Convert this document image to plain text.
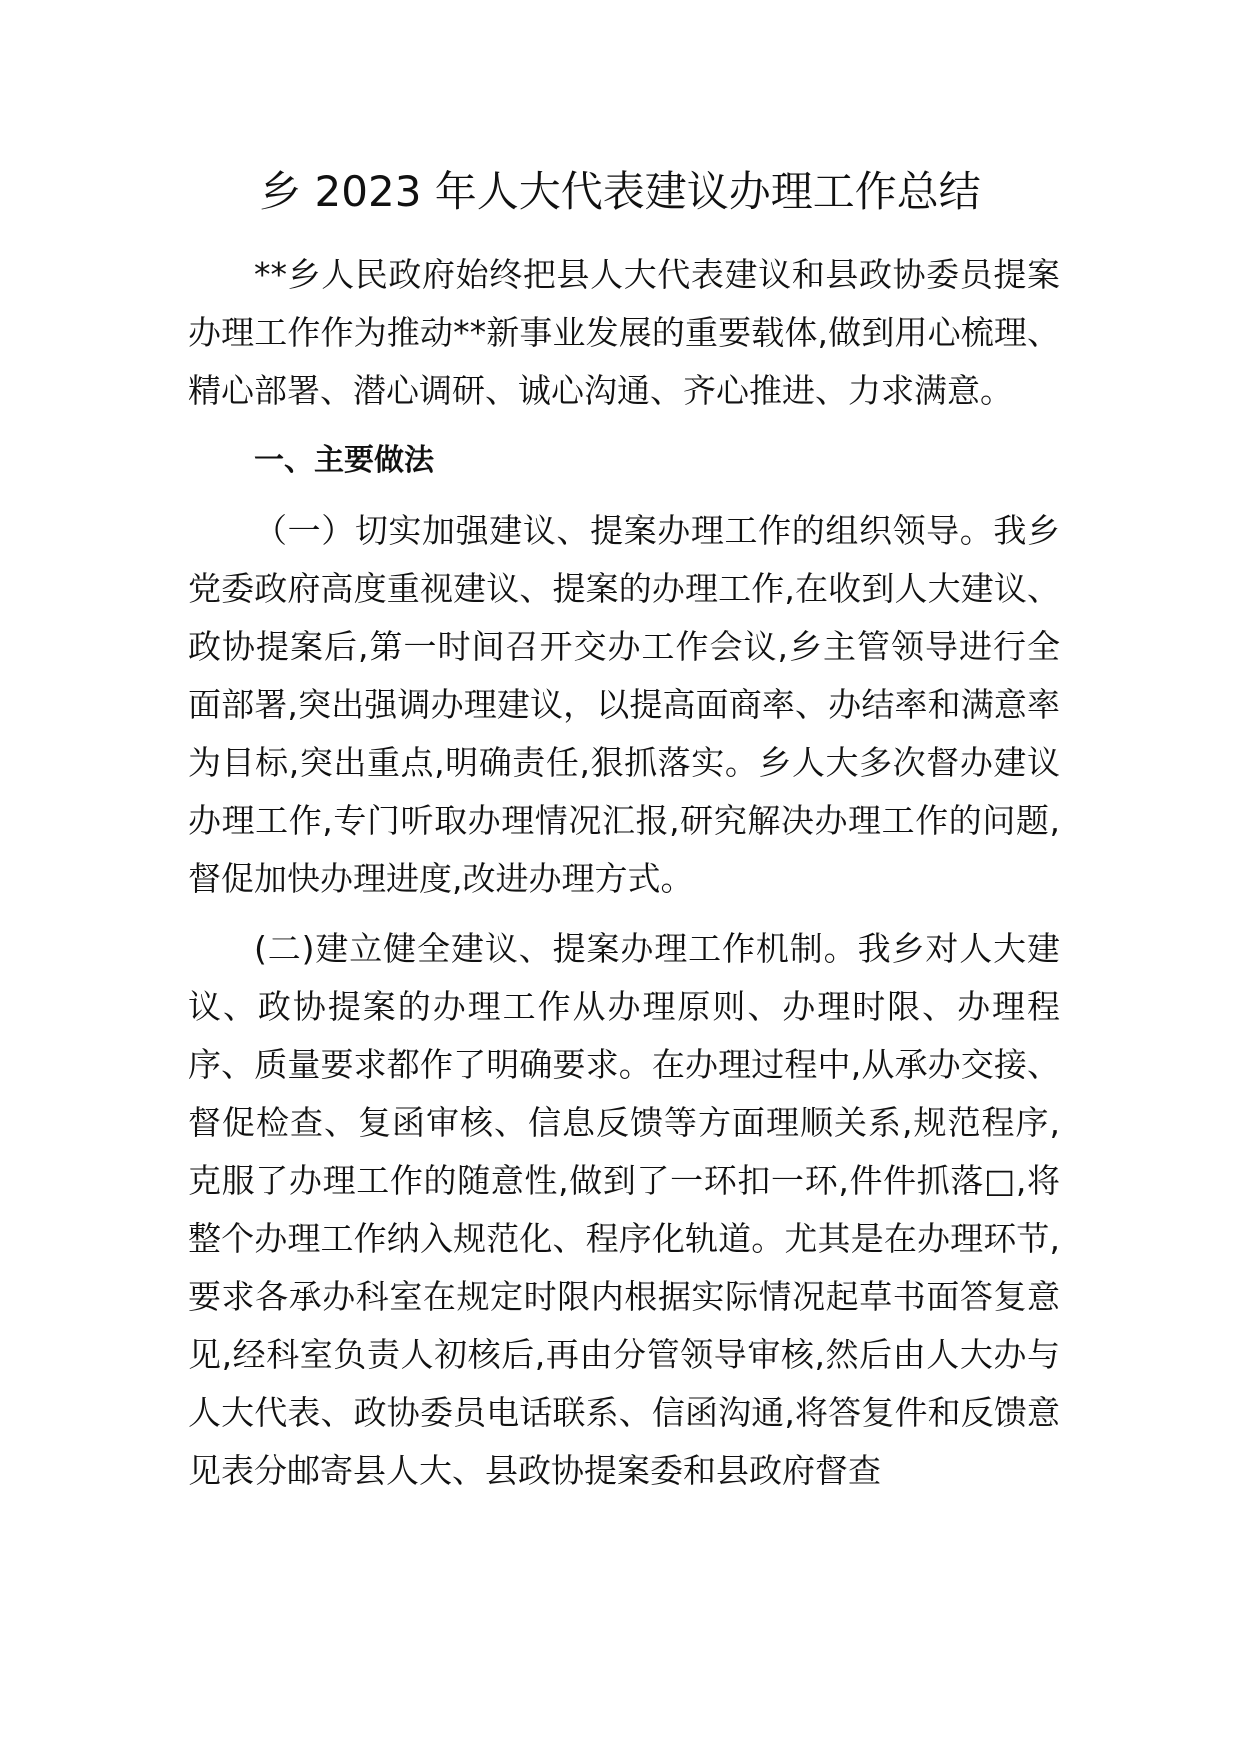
乡 2023 年人大代表建议办理工作总结

**乡人民政府始终把县人大代表建议和县政协委员提案办理工作作为推动**新事业发展的重要载体,做到用心梳理、精心部署、潜心调研、诚心沟通、齐心推进、力求满意。

一、主要做法

（一）切实加强建议、提案办理工作的组织领导。我乡党委政府高度重视建议、提案的办理工作,在收到人大建议、政协提案后,第一时间召开交办工作会议,乡主管领导进行全面部署,突出强调办理建议，以提高面商率、办结率和满意率为目标,突出重点,明确责任,狠抓落实。乡人大多次督办建议办理工作,专门听取办理情况汇报,研究解决办理工作的问题,督促加快办理进度,改进办理方式。

(二)建立健全建议、提案办理工作机制。我乡对人大建议、政协提案的办理工作从办理原则、办理时限、办理程序、质量要求都作了明确要求。在办理过程中,从承办交接、督促检查、复函审核、信息反馈等方面理顺关系,规范程序,克服了办理工作的随意性,做到了一环扣一环,件件抓落□,将整个办理工作纳入规范化、程序化轨道。尤其是在办理环节,要求各承办科室在规定时限内根据实际情况起草书面答复意见,经科室负责人初核后,再由分管领导审核,然后由人大办与人大代表、政协委员电话联系、信函沟通,将答复件和反馈意见表分邮寄县人大、县政协提案委和县政府督查
